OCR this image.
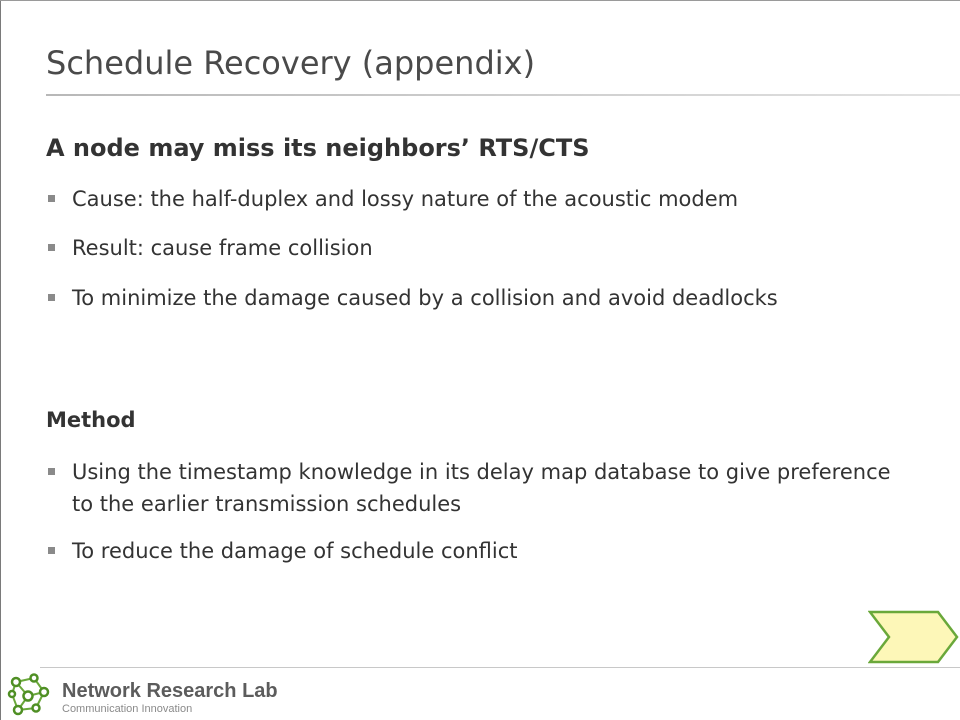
Schedule Recovery (appendix)
A node may miss its neighbors’ RTS/CTS
Cause: the half-duplex and lossy nature of the acoustic modem
Result: cause frame collision
To minimize the damage caused by a collision and avoid deadlocks
Method
Using the timestamp knowledge in its delay map database to give preference to the earlier transmission schedules
To reduce the damage of schedule conflict
Network Research Lab
Communication Innovation
